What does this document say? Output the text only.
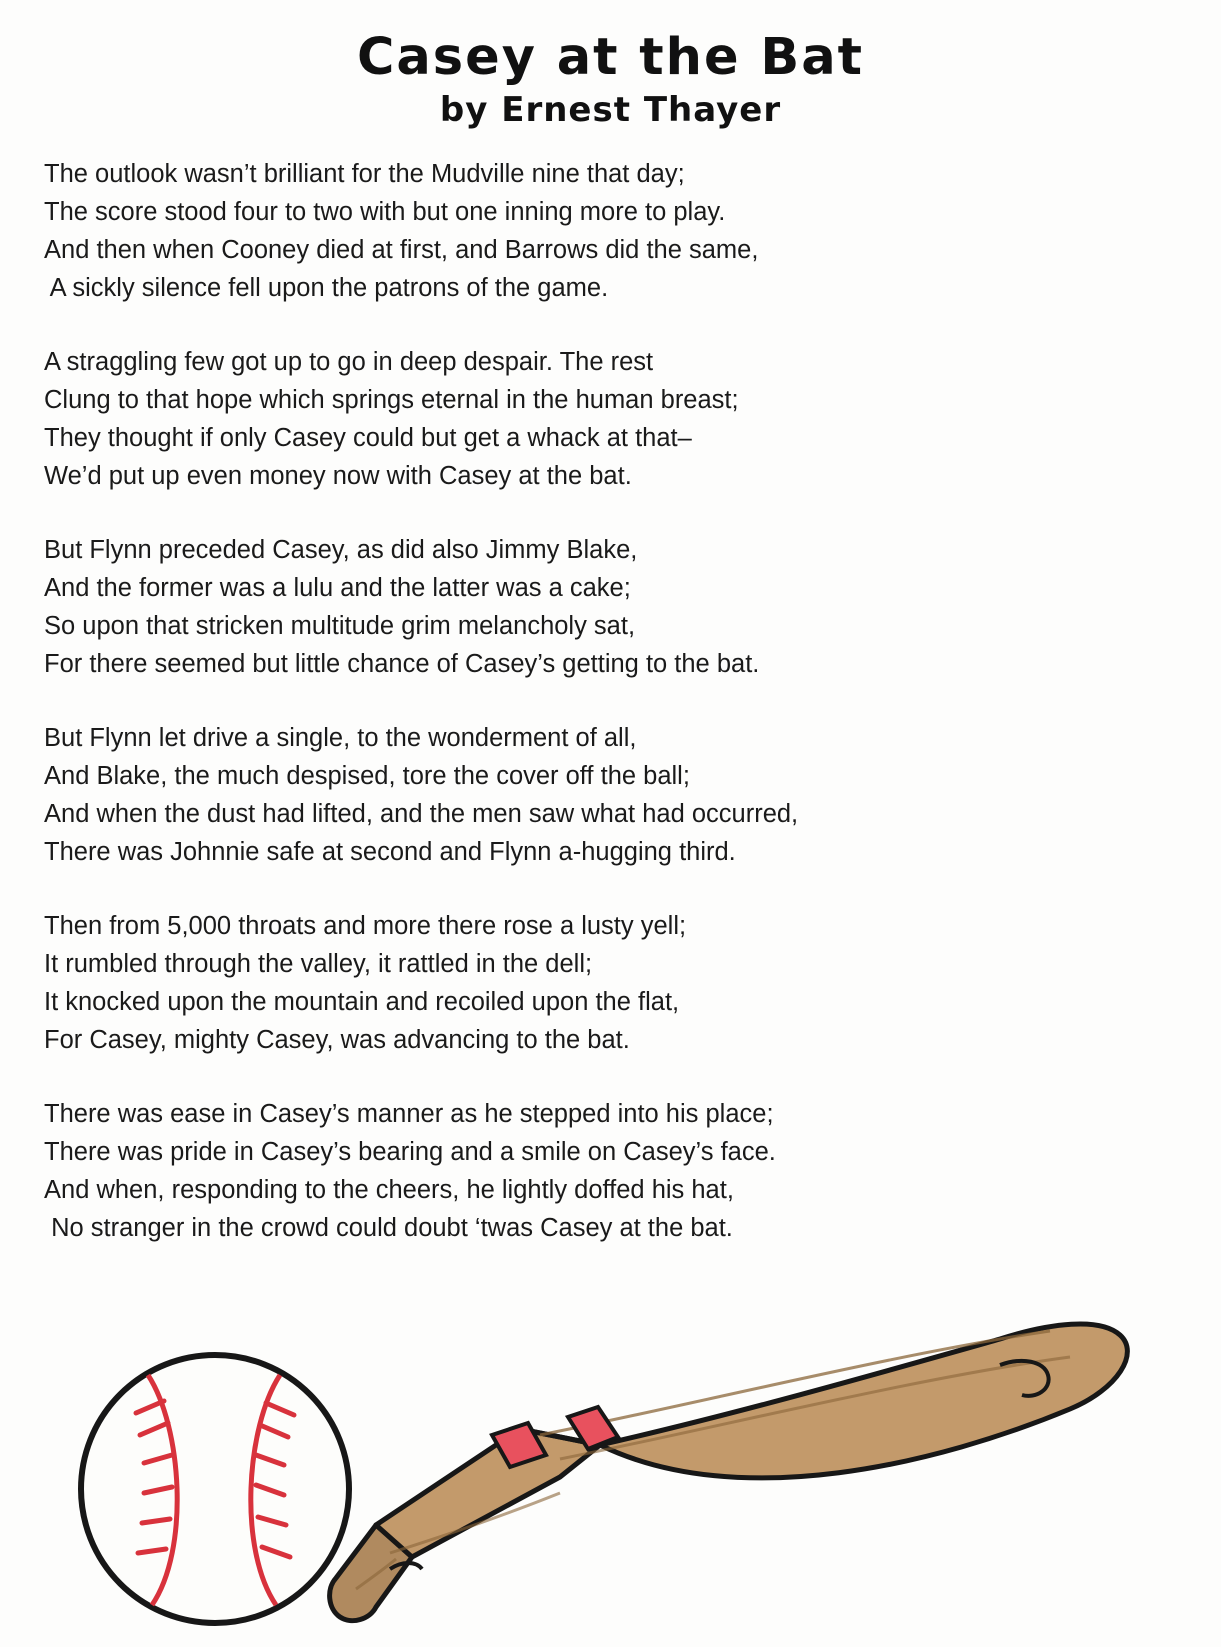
Casey at the Bat
by Ernest Thayer
The outlook wasn’t brilliant for the Mudville nine that day;
The score stood four to two with but one inning more to play.
And then when Cooney died at first, and Barrows did the same,
A sickly silence fell upon the patrons of the game.
A straggling few got up to go in deep despair. The rest
Clung to that hope which springs eternal in the human breast;
They thought if only Casey could but get a whack at that–
We’d put up even money now with Casey at the bat.
But Flynn preceded Casey, as did also Jimmy Blake,
And the former was a lulu and the latter was a cake;
So upon that stricken multitude grim melancholy sat,
For there seemed but little chance of Casey’s getting to the bat.
But Flynn let drive a single, to the wonderment of all,
And Blake, the much despised, tore the cover off the ball;
And when the dust had lifted, and the men saw what had occurred,
There was Johnnie safe at second and Flynn a-hugging third.
Then from 5,000 throats and more there rose a lusty yell;
It rumbled through the valley, it rattled in the dell;
It knocked upon the mountain and recoiled upon the flat,
For Casey, mighty Casey, was advancing to the bat.
There was ease in Casey’s manner as he stepped into his place;
There was pride in Casey’s bearing and a smile on Casey’s face.
And when, responding to the cheers, he lightly doffed his hat,
No stranger in the crowd could doubt ‘twas Casey at the bat.
